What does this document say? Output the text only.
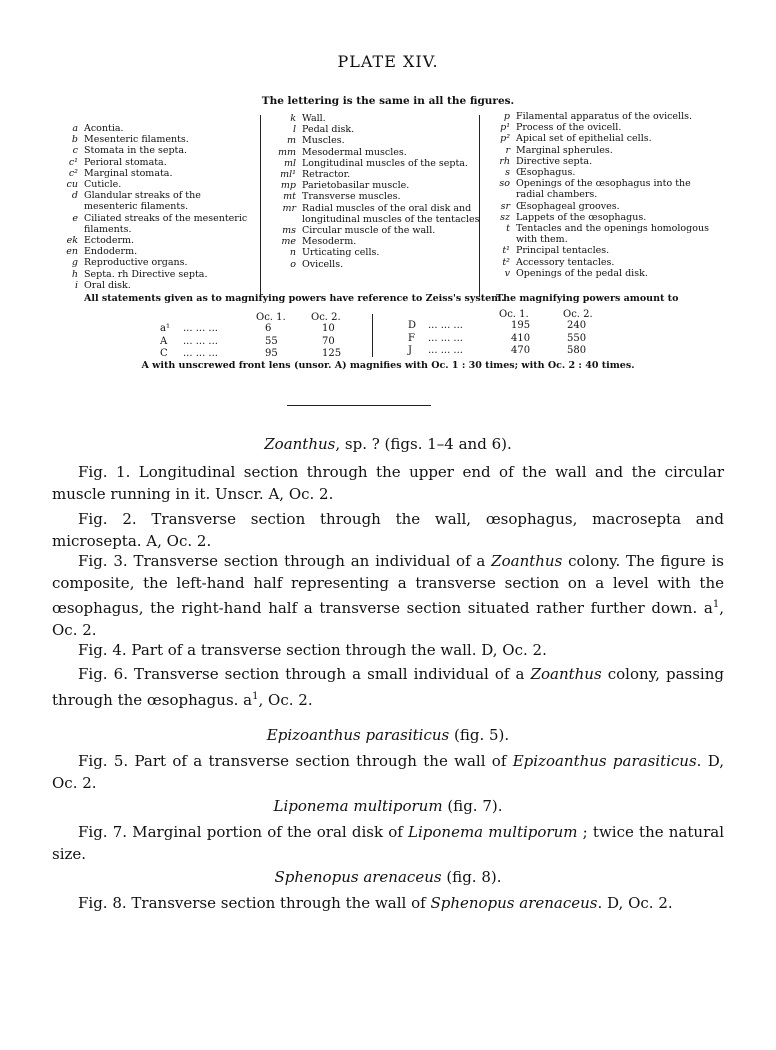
PLATE XIV.
The lettering is the same in all the figures.
a Acontia.
b Mesenteric filaments.
c Stomata in the septa.
c¹ Perioral stomata.
c² Marginal stomata.
cu Cuticle.
d Glandular streaks of the mesenteric filaments.
e Ciliated streaks of the mesenteric filaments.
ek Ectoderm.
en Endoderm.
g Reproductive organs.
h Septa. rh Directive septa.
i Oral disk.
k Wall.
l Pedal disk.
m Muscles.
mm Mesodermal muscles.
ml Longitudinal muscles of the septa.
ml¹ Retractor.
mp Parietobasilar muscle.
mt Transverse muscles.
mr Radial muscles of the oral disk and longitudinal muscles of the tentacles
ms Circular muscle of the wall.
me Mesoderm.
n Urticating cells.
o Ovicells.
p Filamental apparatus of the ovicells.
p¹ Process of the ovicell.
p² Apical set of epithelial cells.
r Marginal spherules.
rh Directive septa.
s Œsophagus.
so Openings of the œsophagus into the radial chambers.
sr Œsophageal grooves.
sz Lappets of the œsophagus.
t Tentacles and the openings homologous with them.
t¹ Principal tentacles.
t² Accessory tentacles.
v Openings of the pedal disk.
All statements given as to magnifying powers have reference to Zeiss's system.
The magnifying powers amount to
Oc. 1.	Oc. 2.	Oc. 1.	Oc. 2.
a¹ ... ... ...	6	10
A ... ... ...	55	70
C ... ... ...	95	125
D ... ... ...	195	240
F ... ... ...	410	550
J ... ... ...	470	580
A with unscrewed front lens (unsor. A) magnifies with Oc. 1 : 30 times; with Oc. 2 : 40 times.
Zoanthus, sp. ? (figs. 1–4 and 6).
Fig. 1. Longitudinal section through the upper end of the wall and the circular muscle running in it. Unscr. A, Oc. 2.
Fig. 2. Transverse section through the wall, œsophagus, macrosepta and microsepta. A, Oc. 2.
Fig. 3. Transverse section through an individual of a Zoanthus colony. The figure is composite, the left-hand half representing a transverse section on a level with the œsophagus, the right-hand half a transverse section situated rather further down. $a^1$, Oc. 2.
Fig. 4. Part of a transverse section through the wall. D, Oc. 2.
Fig. 6. Transverse section through a small individual of a Zoanthus colony, passing through the œsophagus. $a^1$, Oc. 2.
Epizoanthus parasiticus (fig. 5).
Fig. 5. Part of a transverse section through the wall of Epizoanthus parasiticus. D, Oc. 2.
Liponema multiporum (fig. 7).
Fig. 7. Marginal portion of the oral disk of Liponema multiporum ; twice the natural size.
Sphenopus arenaceus (fig. 8).
Fig. 8. Transverse section through the wall of Sphenopus arenaceus. D, Oc. 2.
